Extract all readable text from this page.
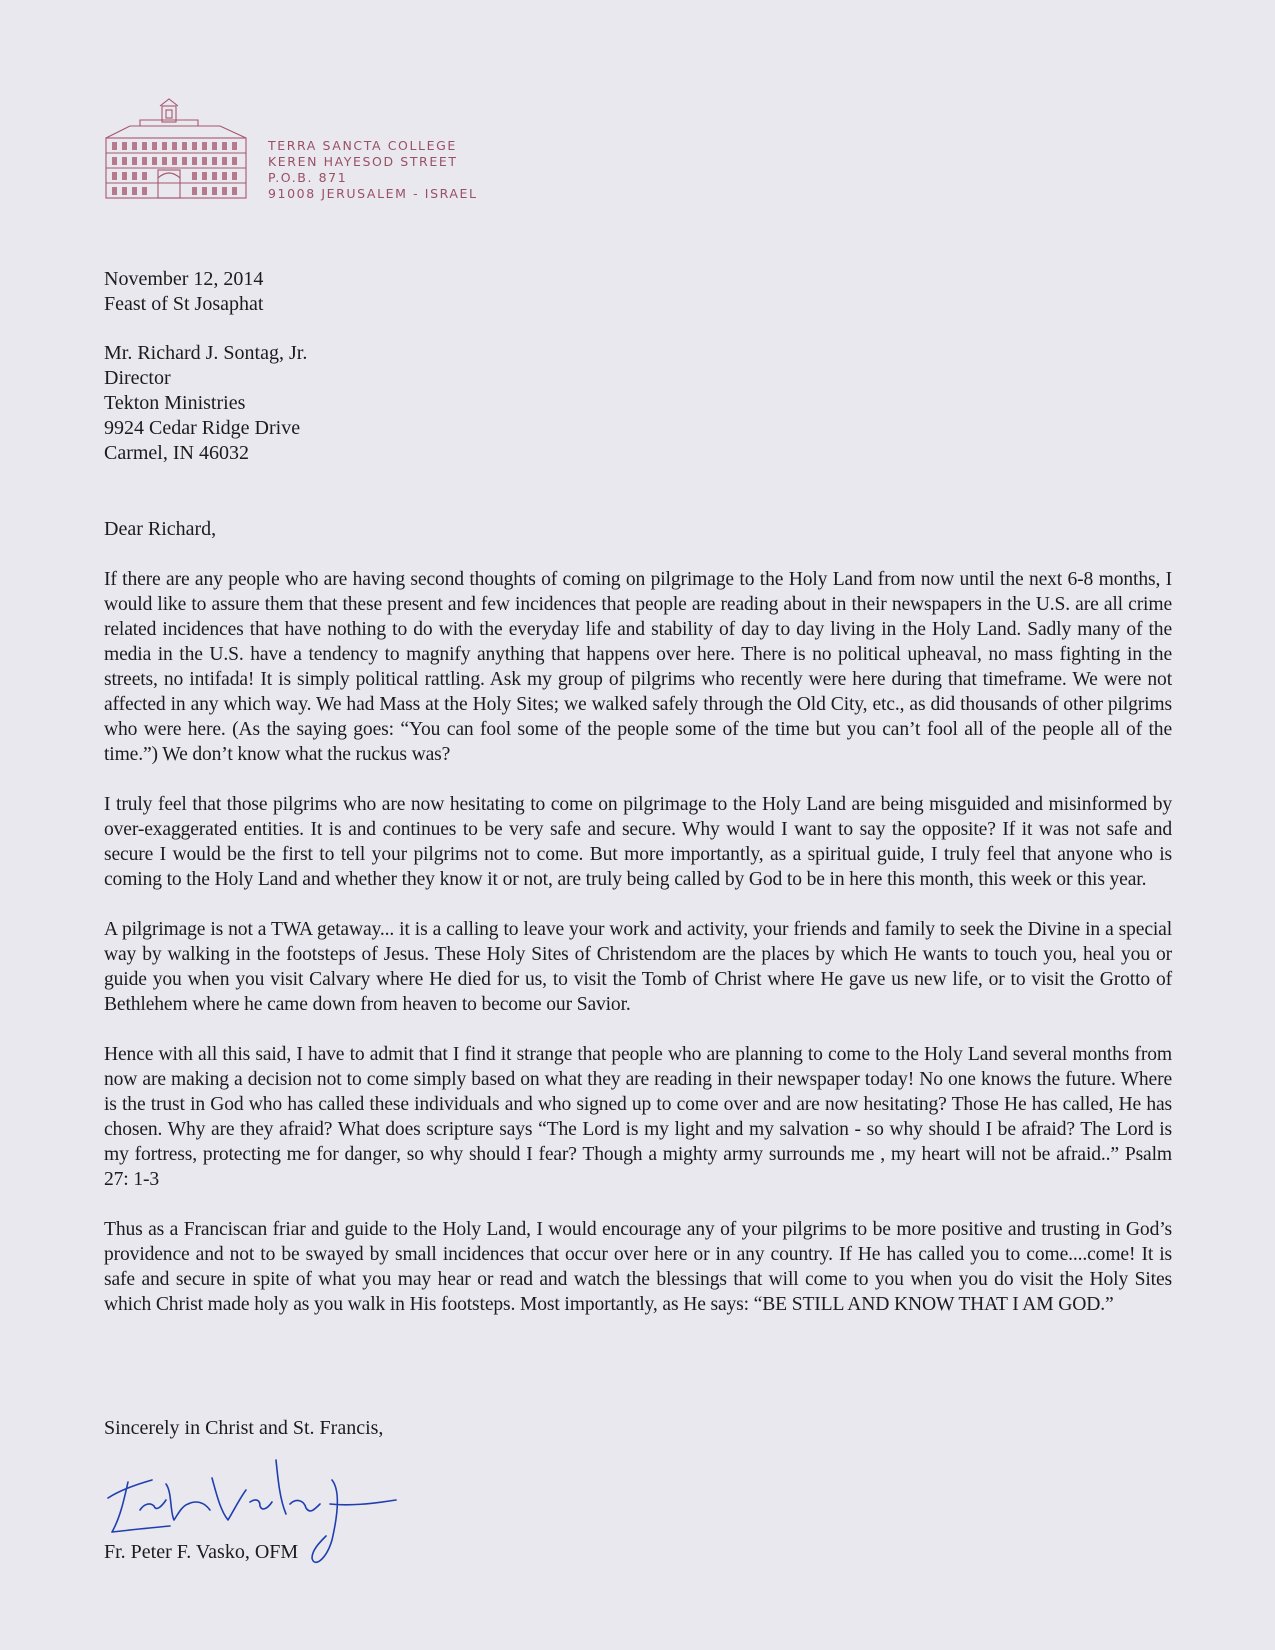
TERRA SANCTA COLLEGE
KEREN HAYESOD STREET
P.O.B. 871
91008 JERUSALEM - ISRAEL
November 12, 2014
Feast of St Josaphat
Mr. Richard J. Sontag, Jr.
Director
Tekton Ministries
9924 Cedar Ridge Drive
Carmel, IN 46032
Dear Richard,

If there are any people who are having second thoughts of coming on pilgrimage to the Holy Land from now until the next 6-8 months, I would like to assure them that these present and few incidences that people are reading about in their newspapers in the U.S. are all crime related incidences that have nothing to do with the everyday life and stability of day to day living in the Holy Land. Sadly many of the media in the U.S. have a tendency to magnify anything that happens over here. There is no political upheaval, no mass fighting in the streets, no intifada! It is simply political rattling. Ask my group of pilgrims who recently were here during that timeframe. We were not affected in any which way. We had Mass at the Holy Sites; we walked safely through the Old City, etc., as did thousands of other pilgrims who were here. (As the saying goes: “You can fool some of the people some of the time but you can’t fool all of the people all of the time.”) We don’t know what the ruckus was?

I truly feel that those pilgrims who are now hesitating to come on pilgrimage to the Holy Land are being misguided and misinformed by over-exaggerated entities. It is and continues to be very safe and secure. Why would I want to say the opposite? If it was not safe and secure I would be the first to tell your pilgrims not to come. But more importantly, as a spiritual guide, I truly feel that anyone who is coming to the Holy Land and whether they know it or not, are truly being called by God to be in here this month, this week or this year.

A pilgrimage is not a TWA getaway... it is a calling to leave your work and activity, your friends and family to seek the Divine in a special way by walking in the footsteps of Jesus. These Holy Sites of Christendom are the places by which He wants to touch you, heal you or guide you when you visit Calvary where He died for us, to visit the Tomb of Christ where He gave us new life, or to visit the Grotto of Bethlehem where he came down from heaven to become our Savior.

Hence with all this said, I have to admit that I find it strange that people who are planning to come to the Holy Land several months from now are making a decision not to come simply based on what they are reading in their newspaper today! No one knows the future. Where is the trust in God who has called these individuals and who signed up to come over and are now hesitating? Those He has called, He has chosen. Why are they afraid? What does scripture says “The Lord is my light and my salvation - so why should I be afraid? The Lord is my fortress, protecting me for danger, so why should I fear? Though a mighty army surrounds me , my heart will not be afraid..” Psalm 27: 1-3

Thus as a Franciscan friar and guide to the Holy Land, I would encourage any of your pilgrims to be more positive and trusting in God’s providence and not to be swayed by small incidences that occur over here or in any country. If He has called you to come....come! It is safe and secure in spite of what you may hear or read and watch the blessings that will come to you when you do visit the Holy Sites which Christ made holy as you walk in His footsteps. Most importantly, as He says: “BE STILL AND KNOW THAT I AM GOD.”

Sincerely in Christ and St. Francis,
Fr. Peter F. Vasko, OFM
